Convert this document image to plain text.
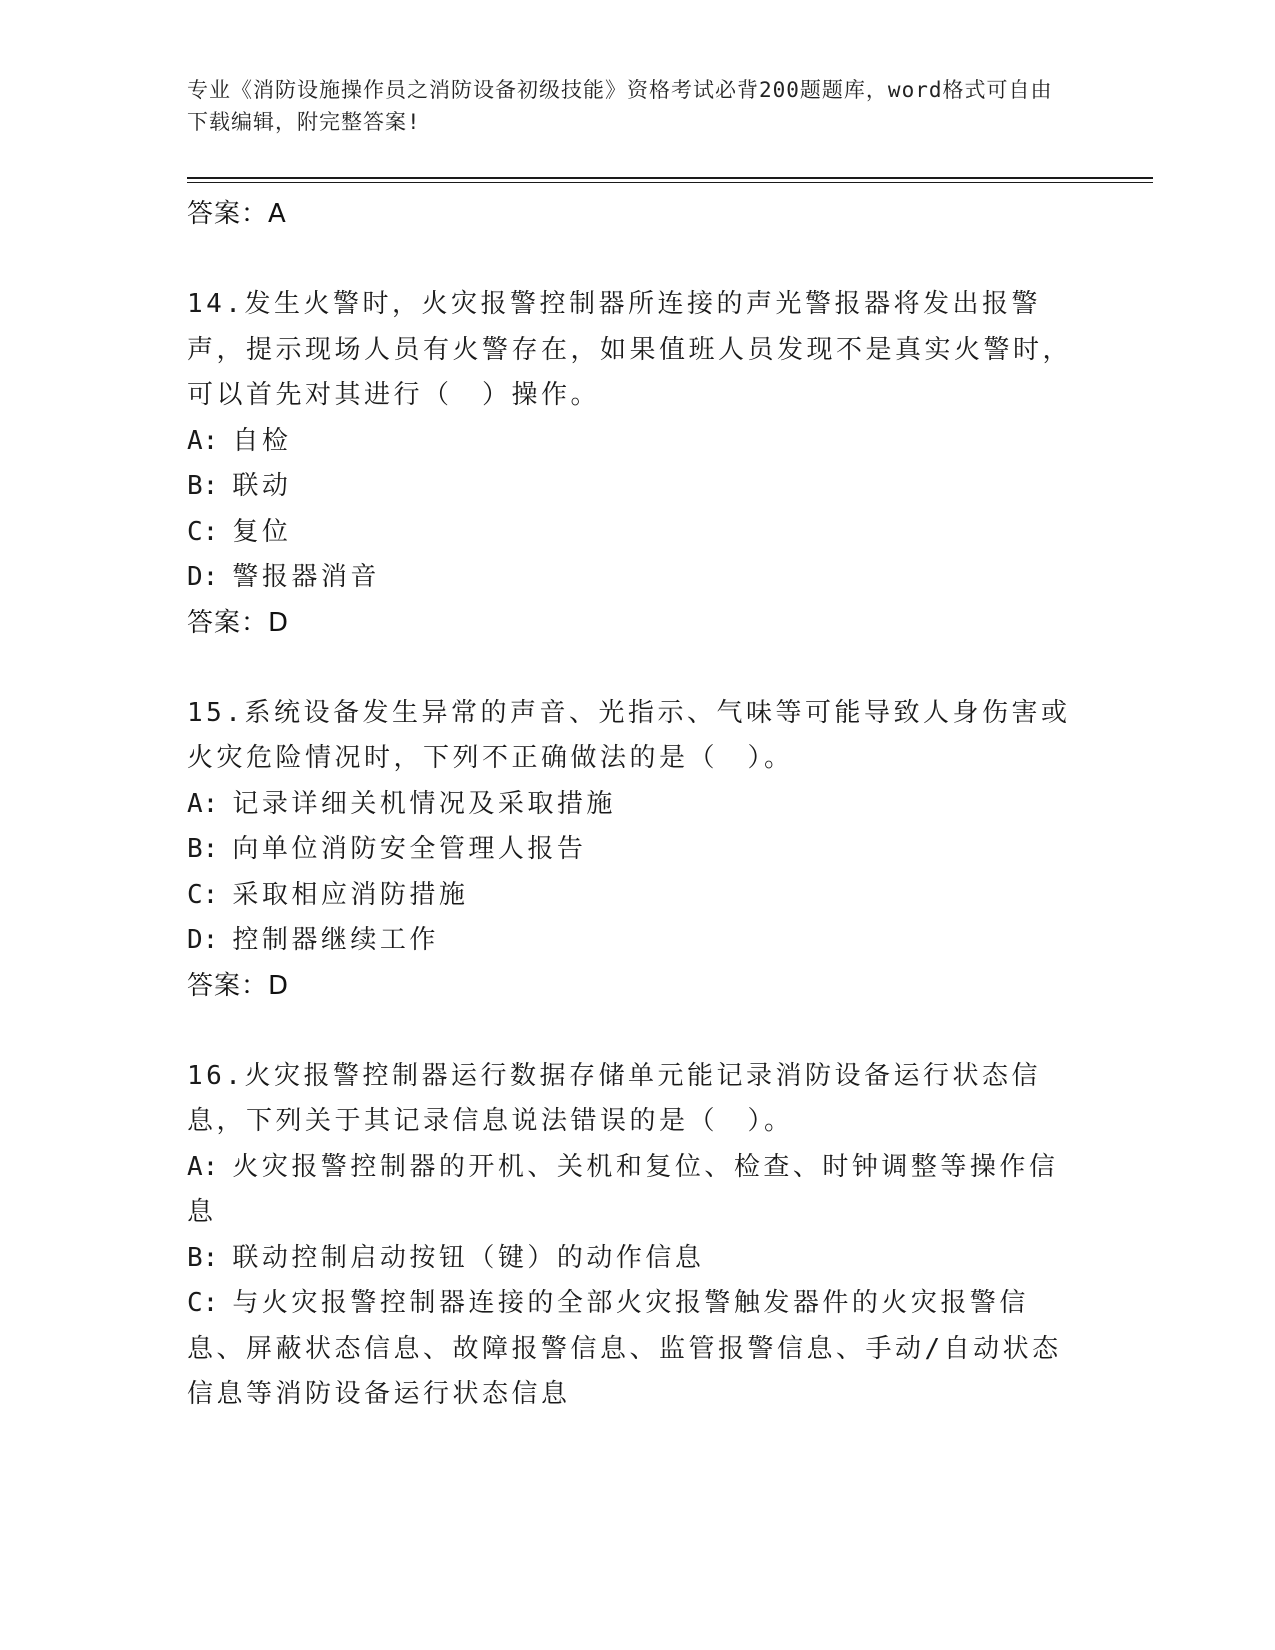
专业《消防设施操作员之消防设备初级技能》资格考试必背200题题库，word格式可自由下载编辑，附完整答案!
答案：A
14.发生火警时，火灾报警控制器所连接的声光警报器将发出报警声，提示现场人员有火警存在，如果值班人员发现不是真实火警时，可以首先对其进行（　）操作。
A: 自检
B: 联动
C: 复位
D: 警报器消音
答案：D
15.系统设备发生异常的声音、光指示、气味等可能导致人身伤害或火灾危险情况时，下列不正确做法的是（　）。
A: 记录详细关机情况及采取措施
B: 向单位消防安全管理人报告
C: 采取相应消防措施
D: 控制器继续工作
答案：D
16.火灾报警控制器运行数据存储单元能记录消防设备运行状态信息，下列关于其记录信息说法错误的是（　）。
A: 火灾报警控制器的开机、关机和复位、检查、时钟调整等操作信息
B: 联动控制启动按钮（键）的动作信息
C: 与火灾报警控制器连接的全部火灾报警触发器件的火灾报警信息、屏蔽状态信息、故障报警信息、监管报警信息、手动/自动状态信息等消防设备运行状态信息
